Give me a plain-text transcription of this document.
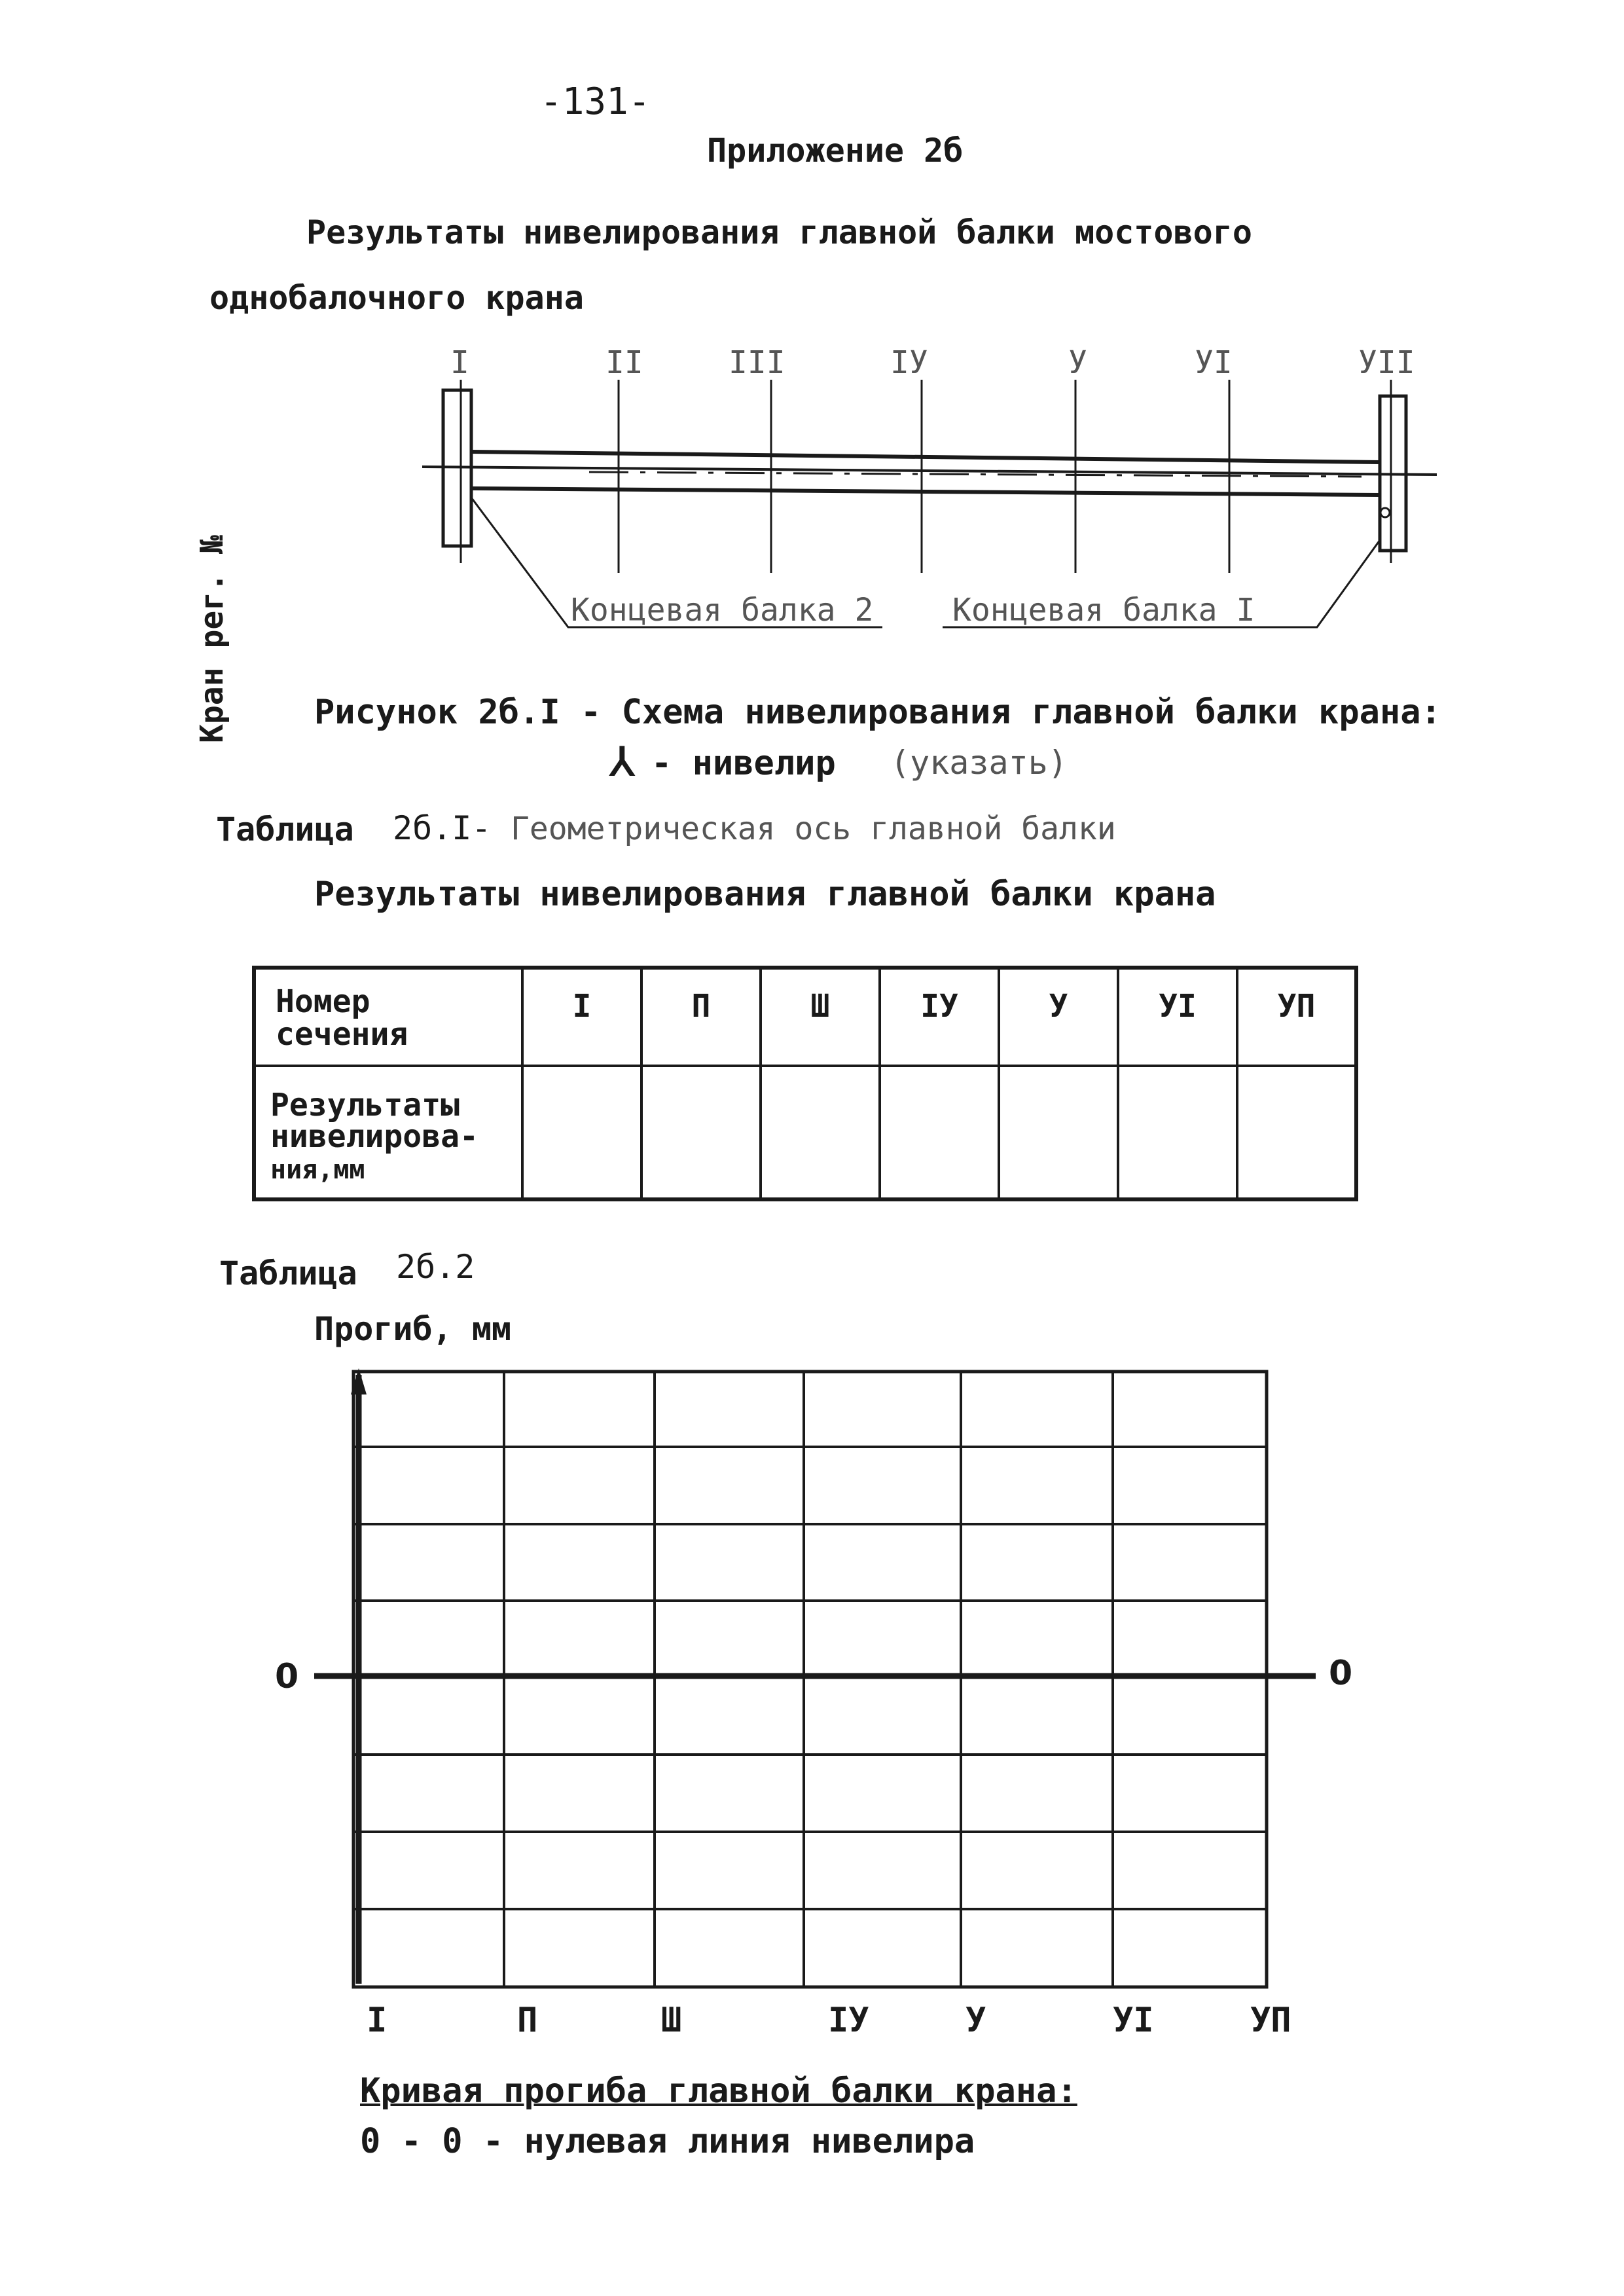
-131-
Приложение 2б
Результаты нивелирования главной балки мостового
однобалочного крана
Кран рег. №
I	II	III	IУ	У	УI	УII
Концевая балка 2	Концевая балка I
Рисунок 2б.I - Схема нивелирования главной балки крана:
⅄ - нивелир (указать)
Таблица 2б.I- Геометрическая ось главной балки
Результаты нивелирования главной балки крана
Номер
сечения	I	П	Ш	IУ	У	УI	УП
Результаты
нивелирова-
ния,мм							
Таблица 2б.2
Прогиб, мм
0	0
I	П	Ш	IУ	У	УI	УП
Кривая прогиба главной балки крана:
0 - 0 - нулевая линия нивелира
